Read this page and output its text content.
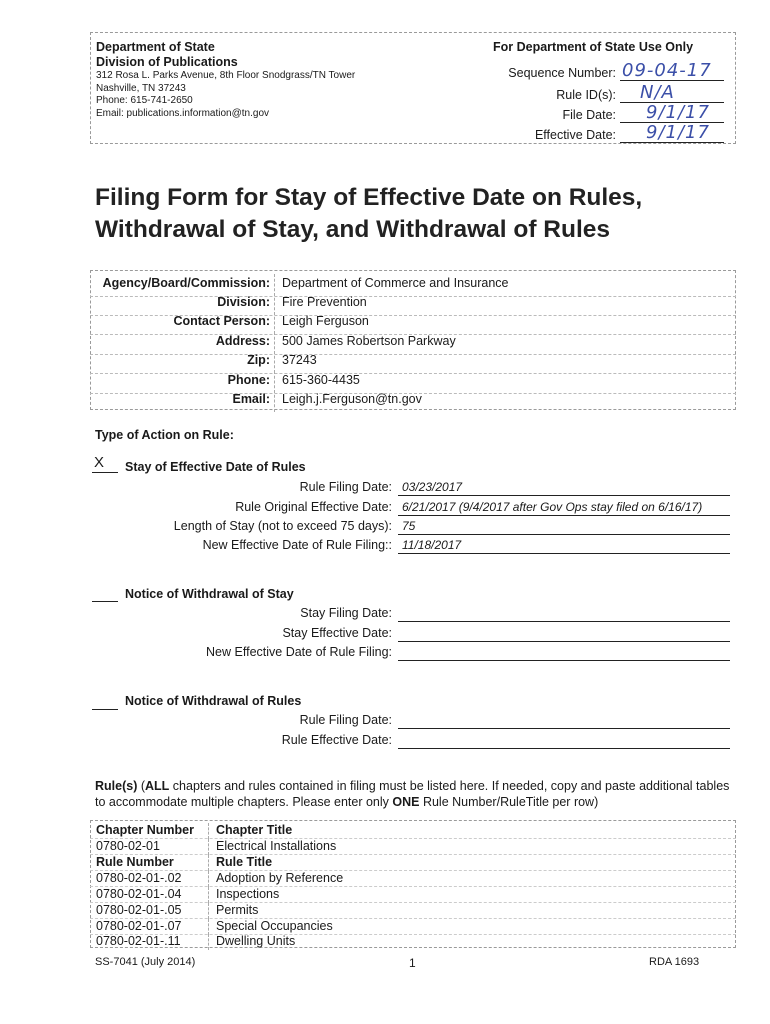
Department of State
Division of Publications
312 Rosa L. Parks Avenue, 8th Floor Snodgrass/TN Tower
Nashville, TN 37243
Phone: 615-741-2650
Email: publications.information@tn.gov
For Department of State Use Only
Sequence Number: 09-04-17
Rule ID(s): N/A
File Date: 9/1/17
Effective Date: 9/1/17
Filing Form for Stay of Effective Date on Rules,
Withdrawal of Stay, and Withdrawal of Rules
Agency/Board/Commission: Department of Commerce and Insurance
Division: Fire Prevention
Contact Person: Leigh Ferguson
Address: 500 James Robertson Parkway
Zip: 37243
Phone: 615-360-4435
Email: Leigh.j.Ferguson@tn.gov
Type of Action on Rule:
X Stay of Effective Date of Rules
Rule Filing Date: 03/23/2017
Rule Original Effective Date: 6/21/2017 (9/4/2017 after Gov Ops stay filed on 6/16/17)
Length of Stay (not to exceed 75 days): 75
New Effective Date of Rule Filing:: 11/18/2017
Notice of Withdrawal of Stay
Stay Filing Date:
Stay Effective Date:
New Effective Date of Rule Filing:
Notice of Withdrawal of Rules
Rule Filing Date:
Rule Effective Date:
Rule(s) (ALL chapters and rules contained in filing must be listed here. If needed, copy and paste additional tables to accommodate multiple chapters. Please enter only ONE Rule Number/RuleTitle per row)
Chapter Number Chapter Title
0780-02-01	Electrical Installations
Rule Number	Rule Title
0780-02-01-.02	Adoption by Reference
0780-02-01-.04	Inspections
0780-02-01-.05	Permits
0780-02-01-.07	Special Occupancies
0780-02-01-.11	Dwelling Units
SS-7041 (July 2014)	1	RDA 1693
